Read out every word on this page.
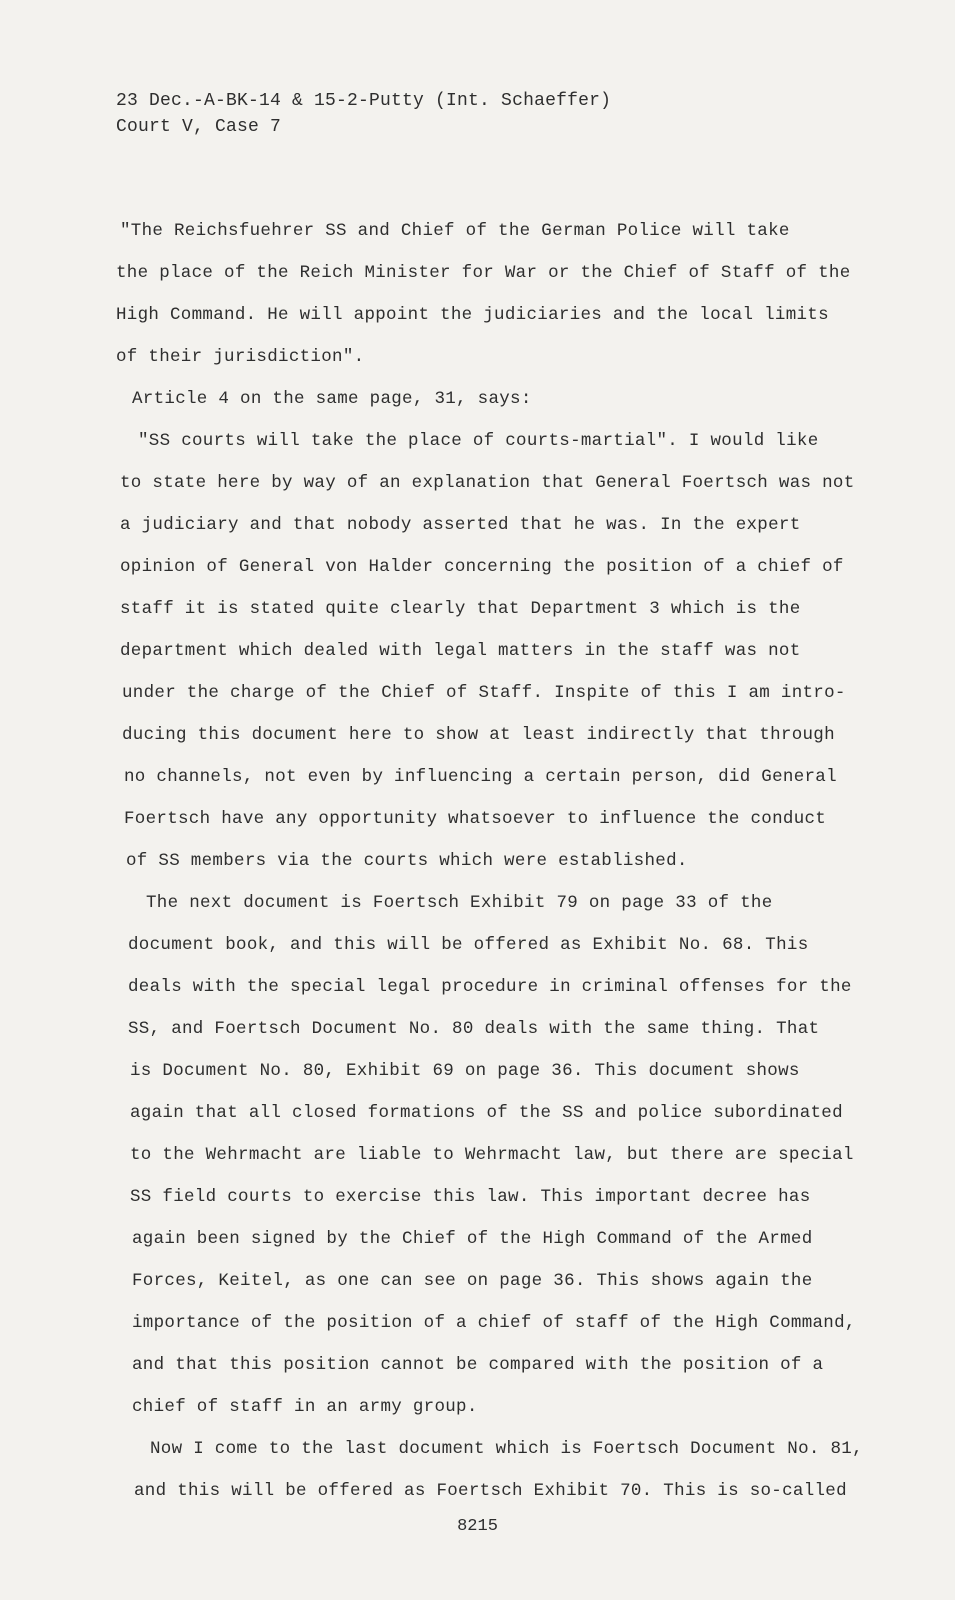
23 Dec.-A-BK-14 & 15-2-Putty (Int. Schaeffer)
Court V, Case 7
"The Reichsfuehrer SS and Chief of the German Police will take
the place of the Reich Minister for War or the Chief of Staff of the
High Command. He will appoint the judiciaries and the local limits
of their jurisdiction".
Article 4 on the same page, 31, says:
"SS courts will take the place of courts-martial". I would like
to state here by way of an explanation that General Foertsch was not
a judiciary and that nobody asserted that he was. In the expert
opinion of General von Halder concerning the position of a chief of
staff it is stated quite clearly that Department 3 which is the
department which dealed with legal matters in the staff was not
under the charge of the Chief of Staff. Inspite of this I am intro-
ducing this document here to show at least indirectly that through
no channels, not even by influencing a certain person, did General
Foertsch have any opportunity whatsoever to influence the conduct
of SS members via the courts which were established.
The next document is Foertsch Exhibit 79 on page 33 of the
document book, and this will be offered as Exhibit No. 68. This
deals with the special legal procedure in criminal offenses for the
SS, and Foertsch Document No. 80 deals with the same thing. That
is Document No. 80, Exhibit 69 on page 36. This document shows
again that all closed formations of the SS and police subordinated
to the Wehrmacht are liable to Wehrmacht law, but there are special
SS field courts to exercise this law. This important decree has
again been signed by the Chief of the High Command of the Armed
Forces, Keitel, as one can see on page 36. This shows again the
importance of the position of a chief of staff of the High Command,
and that this position cannot be compared with the position of a
chief of staff in an army group.
Now I come to the last document which is Foertsch Document No. 81,
and this will be offered as Foertsch Exhibit 70. This is so-called
8215
